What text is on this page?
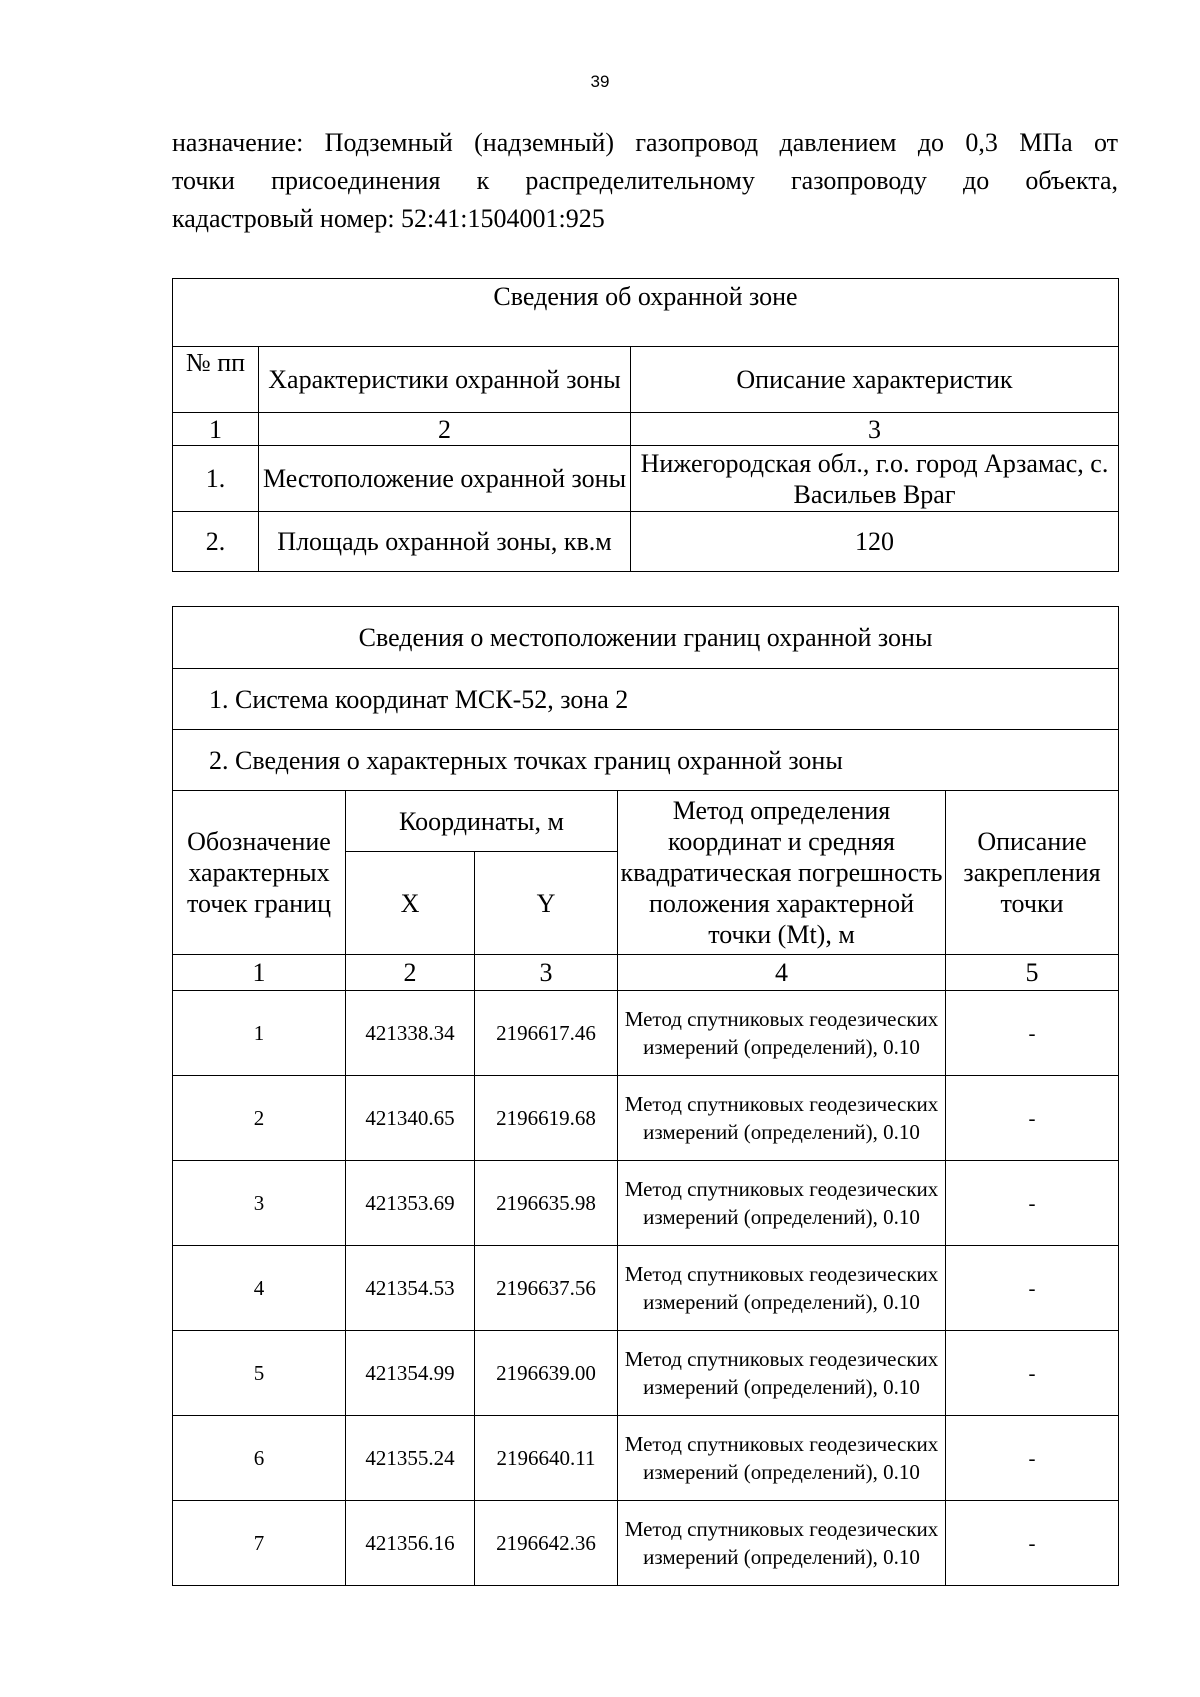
39
назначение: Подземный (надземный) газопровод давлением до 0,3 МПа от
точки присоединения к распределительному газопроводу до объекта,
кадастровый номер: 52:41:1504001:925
Сведения об охранной зоне		
№ пп	Характеристики охранной зоны	Описание характеристик
1	2	3
1.	Местоположение охранной зоны	Нижегородская обл., г.о. город Арзамас, с. Васильев Враг
2.	Площадь охранной зоны, кв.м	120
Сведения о местоположении границ охранной зоны				
1. Система координат МСК-52, зона 2				
2. Сведения о характерных точках границ охранной зоны				
Обозначение характерных точек границ	Координаты, м		Метод определения координат и средняя квадратическая погрешность положения характерной точки (Mt), м	Описание закрепления точки
	X	Y		
1	2	3	4	5
1	421338.34	2196617.46	Метод спутниковых геодезических измерений (определений), 0.10	-
2	421340.65	2196619.68	Метод спутниковых геодезических измерений (определений), 0.10	-
3	421353.69	2196635.98	Метод спутниковых геодезических измерений (определений), 0.10	-
4	421354.53	2196637.56	Метод спутниковых геодезических измерений (определений), 0.10	-
5	421354.99	2196639.00	Метод спутниковых геодезических измерений (определений), 0.10	-
6	421355.24	2196640.11	Метод спутниковых геодезических измерений (определений), 0.10	-
7	421356.16	2196642.36	Метод спутниковых геодезических измерений (определений), 0.10	-
